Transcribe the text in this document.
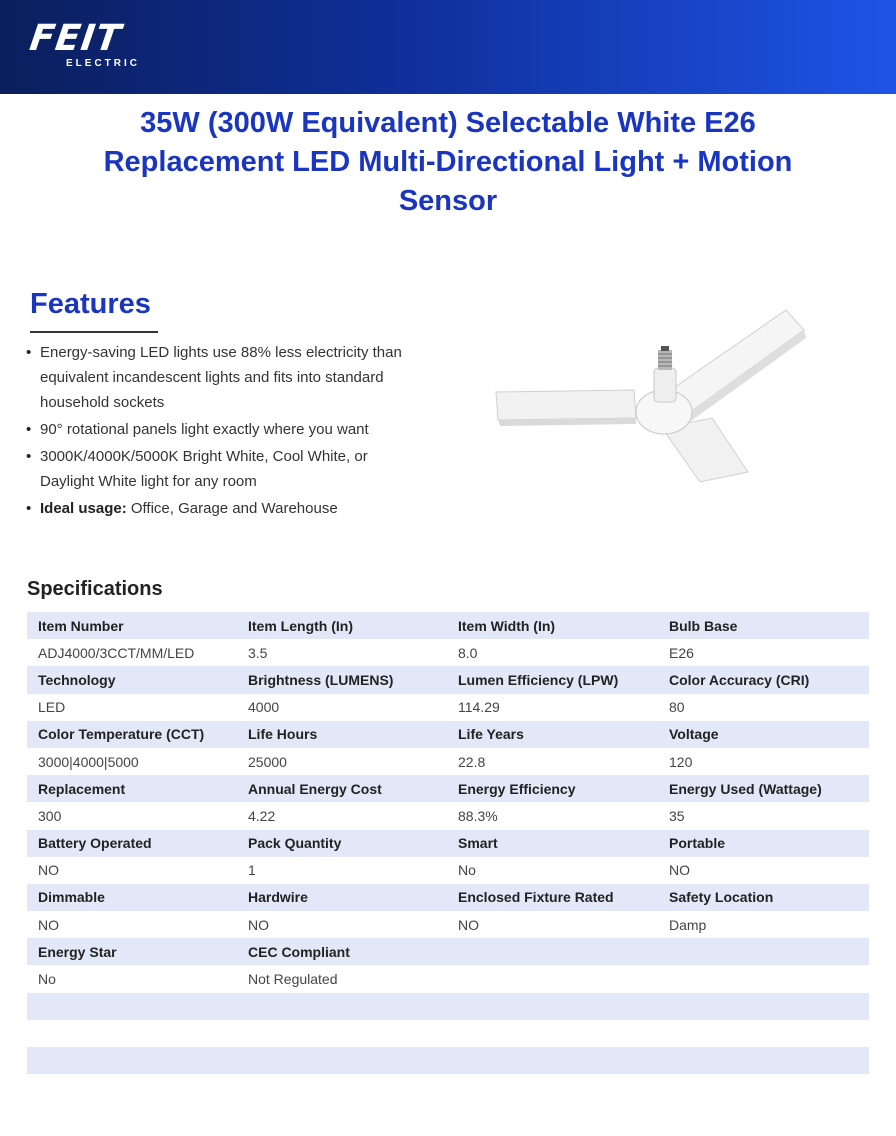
FEIT
ELECTRIC
35W (300W Equivalent) Selectable White E26 Replacement LED Multi-Directional Light + Motion Sensor
Features
• Energy-saving LED lights use 88% less electricity than equivalent incandescent lights and fits into standard household sockets
• 90° rotational panels light exactly where you want
• 3000K/4000K/5000K Bright White, Cool White, or Daylight White light for any room
• Ideal usage: Office, Garage and Warehouse
Specifications
Item Number	Item Length (In)	Item Width (In)	Bulb Base
ADJ4000/3CCT/MM/LED	3.5	8.0	E26
Technology	Brightness (LUMENS)	Lumen Efficiency (LPW)	Color Accuracy (CRI)
LED	4000	114.29	80
Color Temperature (CCT)	Life Hours	Life Years	Voltage
3000|4000|5000	25000	22.8	120
Replacement	Annual Energy Cost	Energy Efficiency	Energy Used (Wattage)
300	4.22	88.3%	35
Battery Operated	Pack Quantity	Smart	Portable
NO	1	No	NO
Dimmable	Hardwire	Enclosed Fixture Rated	Safety Location
NO	NO	NO	Damp
Energy Star	CEC Compliant		
No	Not Regulated		
